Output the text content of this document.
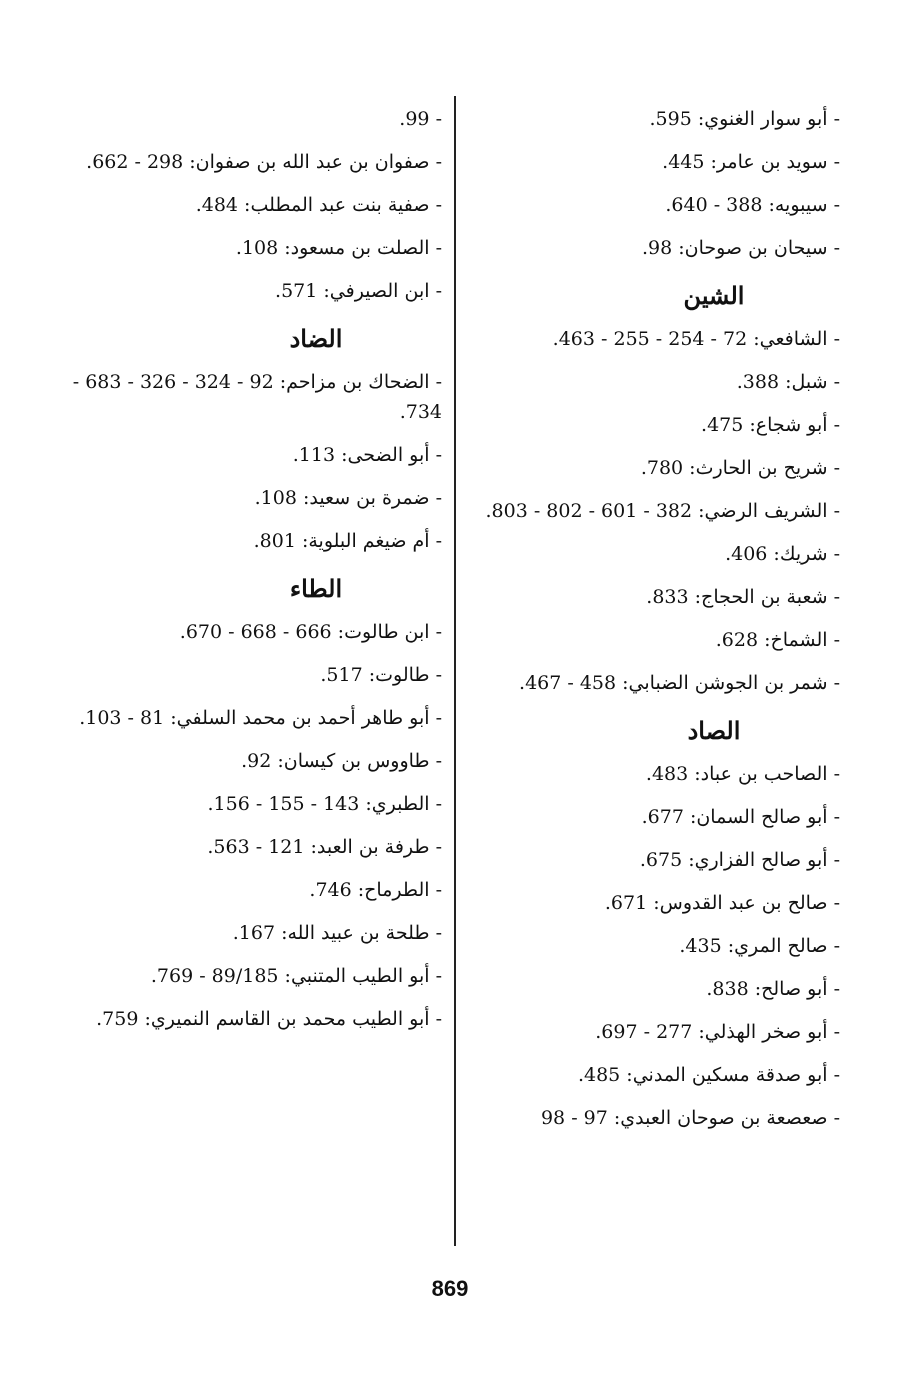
- أبو سوار الغنوي: 595.
- سويد بن عامر: 445.
- سيبويه: 388 - 640.
- سيحان بن صوحان: 98.
الشين
- الشافعي: 72 - 254 - 255 - 463.
- شبل: 388.
- أبو شجاع: 475.
- شريح بن الحارث: 780.
- الشريف الرضي: 382 - 601 - 802 - 803.
- شريك: 406.
- شعبة بن الحجاج: 833.
- الشماخ: 628.
- شمر بن الجوشن الضبابي: 458 - 467.
الصاد
- الصاحب بن عباد: 483.
- أبو صالح السمان: 677.
- أبو صالح الفزاري: 675.
- صالح بن عبد القدوس: 671.
- صالح المري: 435.
- أبو صالح: 838.
- أبو صخر الهذلي: 277 - 697.
- أبو صدقة مسكين المدني: 485.
- صعصعة بن صوحان العبدي: 97 - 98
- 99.
- صفوان بن عبد الله بن صفوان: 298 - 662.
- صفية بنت عبد المطلب: 484.
- الصلت بن مسعود: 108.
- ابن الصيرفي: 571.
الضاد
- الضحاك بن مزاحم: 92 - 324 - 326 - 683 - 734.
- أبو الضحى: 113.
- ضمرة بن سعيد: 108.
- أم ضيغم البلوية: 801.
الطاء
- ابن طالوت: 666 - 668 - 670.
- طالوت: 517.
- أبو طاهر أحمد بن محمد السلفي: 81 - 103.
- طاووس بن كيسان: 92.
- الطبري: 143 - 155 - 156.
- طرفة بن العبد: 121 - 563.
- الطرماح: 746.
- طلحة بن عبيد الله: 167.
- أبو الطيب المتنبي: 89/185 - 769.
- أبو الطيب محمد بن القاسم النميري: 759.
869
